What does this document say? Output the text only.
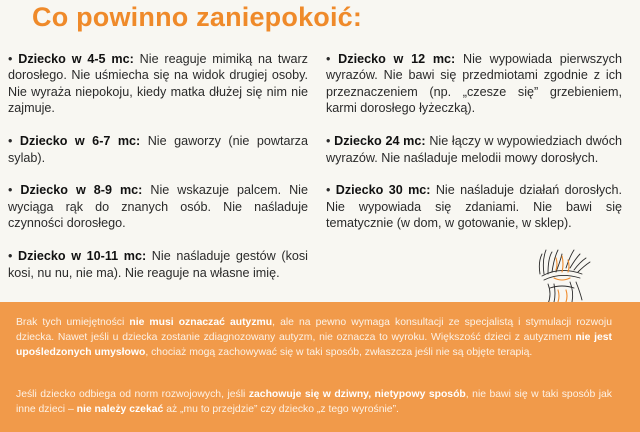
Co powinno zaniepokoić:
• Dziecko w 4-5 mc: Nie reaguje mimiką na twarz dorosłego. Nie uśmiecha się na widok drugiej osoby. Nie wyraża niepokoju, kiedy matka dłużej się nim nie zajmuje.
• Dziecko w 6-7 mc: Nie gaworzy (nie powtarza sylab).
• Dziecko w 8-9 mc: Nie wskazuje palcem. Nie wyciąga rąk do znanych osób. Nie naśladuje czynności dorosłego.
• Dziecko w 10-11 mc: Nie naśladuje gestów (kosi kosi, nu nu, nie ma). Nie reaguje na własne imię.
• Dziecko w 12 mc: Nie wypowiada pierwszych wyrazów. Nie bawi się przedmiotami zgodnie z ich przeznaczeniem (np. „czesze się” grzebieniem, karmi dorosłego łyżeczką).
• Dziecko 24 mc: Nie łączy w wypowiedziach dwóch wyrazów. Nie naśladuje melodii mowy dorosłych.
• Dziecko 30 mc: Nie naśladuje działań dorosłych. Nie wypowiada się zdaniami. Nie bawi się tematycznie (w dom, w gotowanie, w sklep).

Brak tych umiejętności nie musi oznaczać autyzmu, ale na pewno wymaga konsultacji ze specjalistą i stymulacji rozwoju dziecka. Nawet jeśli u dziecka zostanie zdiagnozowany autyzm, nie oznacza to wyroku. Większość dzieci z autyzmem nie jest upośledzonych umysłowo, chociaż mogą zachowywać się w taki sposób, zwłaszcza jeśli nie są objęte terapią.

Jeśli dziecko odbiega od norm rozwojowych, jeśli zachowuje się w dziwny, nietypowy sposób, nie bawi się w taki sposób jak inne dzieci – nie należy czekać aż „mu to przejdzie” czy dziecko „z tego wyrośnie”.
